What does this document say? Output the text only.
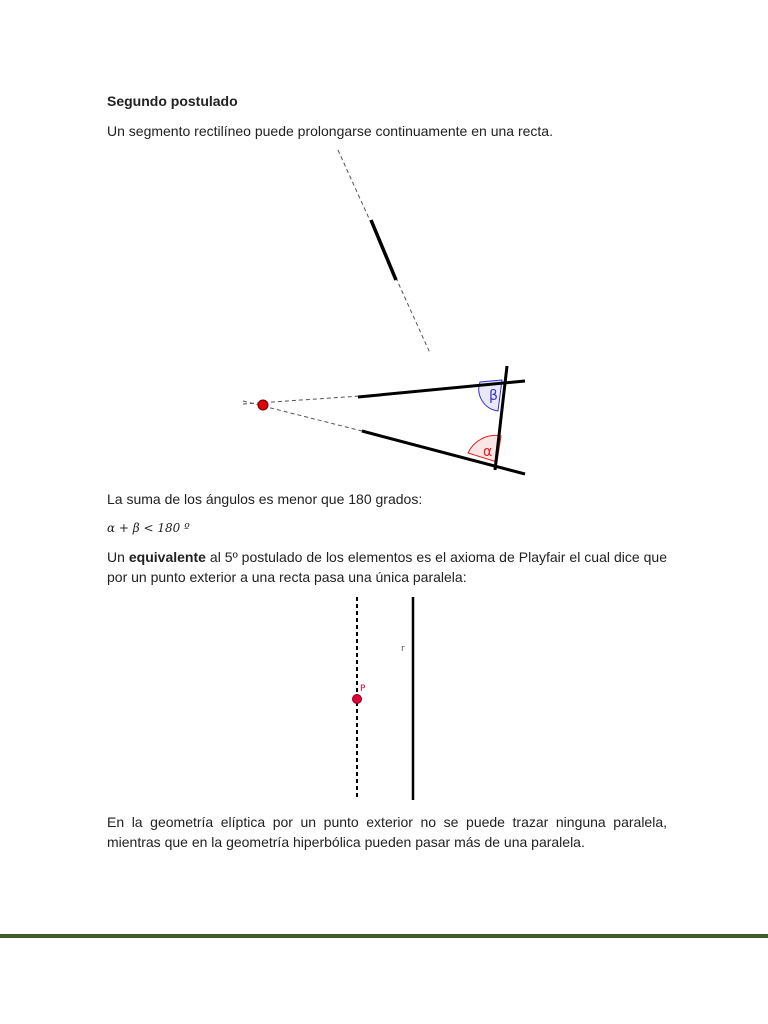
Segundo postulado
Un segmento rectilíneo puede prolongarse continuamente en una recta.
β
α
La suma de los ángulos es menor que 180 grados:
α + β < 180 º
Un equivalente al 5º postulado de los elementos es el axioma de Playfair el cual dice que por un punto exterior a una recta pasa una única paralela:
r
P
En la geometría elíptica por un punto exterior no se puede trazar ninguna paralela, mientras que en la geometría hiperbólica pueden pasar más de una paralela.
